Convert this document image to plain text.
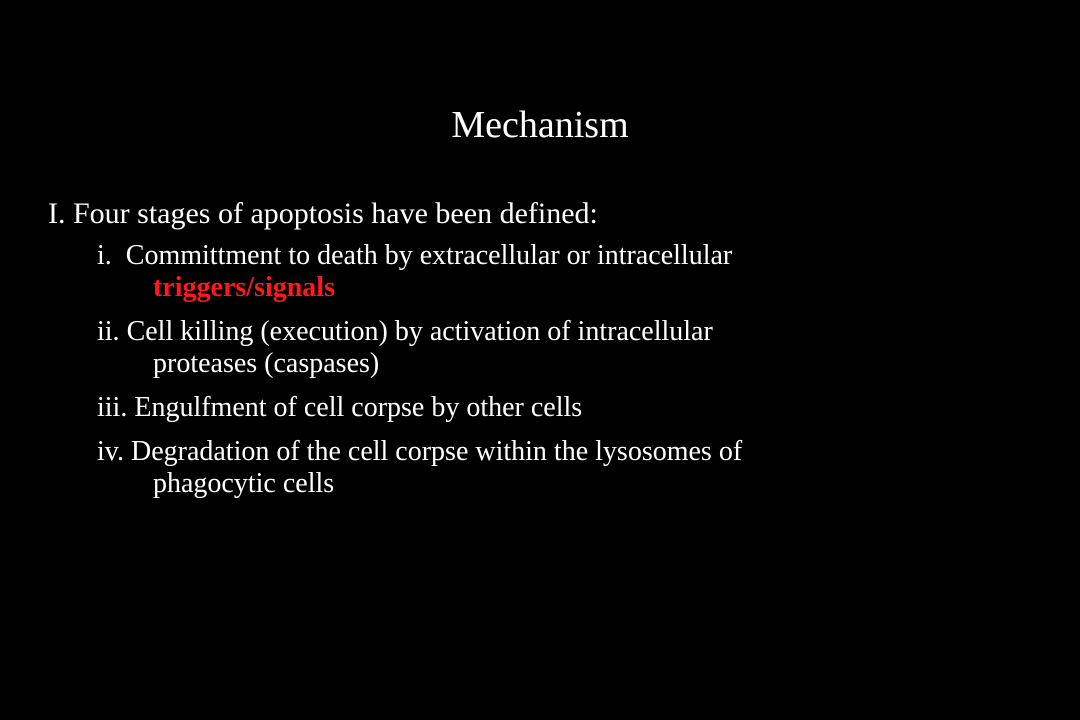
Mechanism

I. Four stages of apoptosis have been defined:

i. Committment to death by extracellular or intracellular
triggers/signals
ii. Cell killing (execution) by activation of intracellular
proteases (caspases)
iii. Engulfment of cell corpse by other cells
iv. Degradation of the cell corpse within the lysosomes of
phagocytic cells
